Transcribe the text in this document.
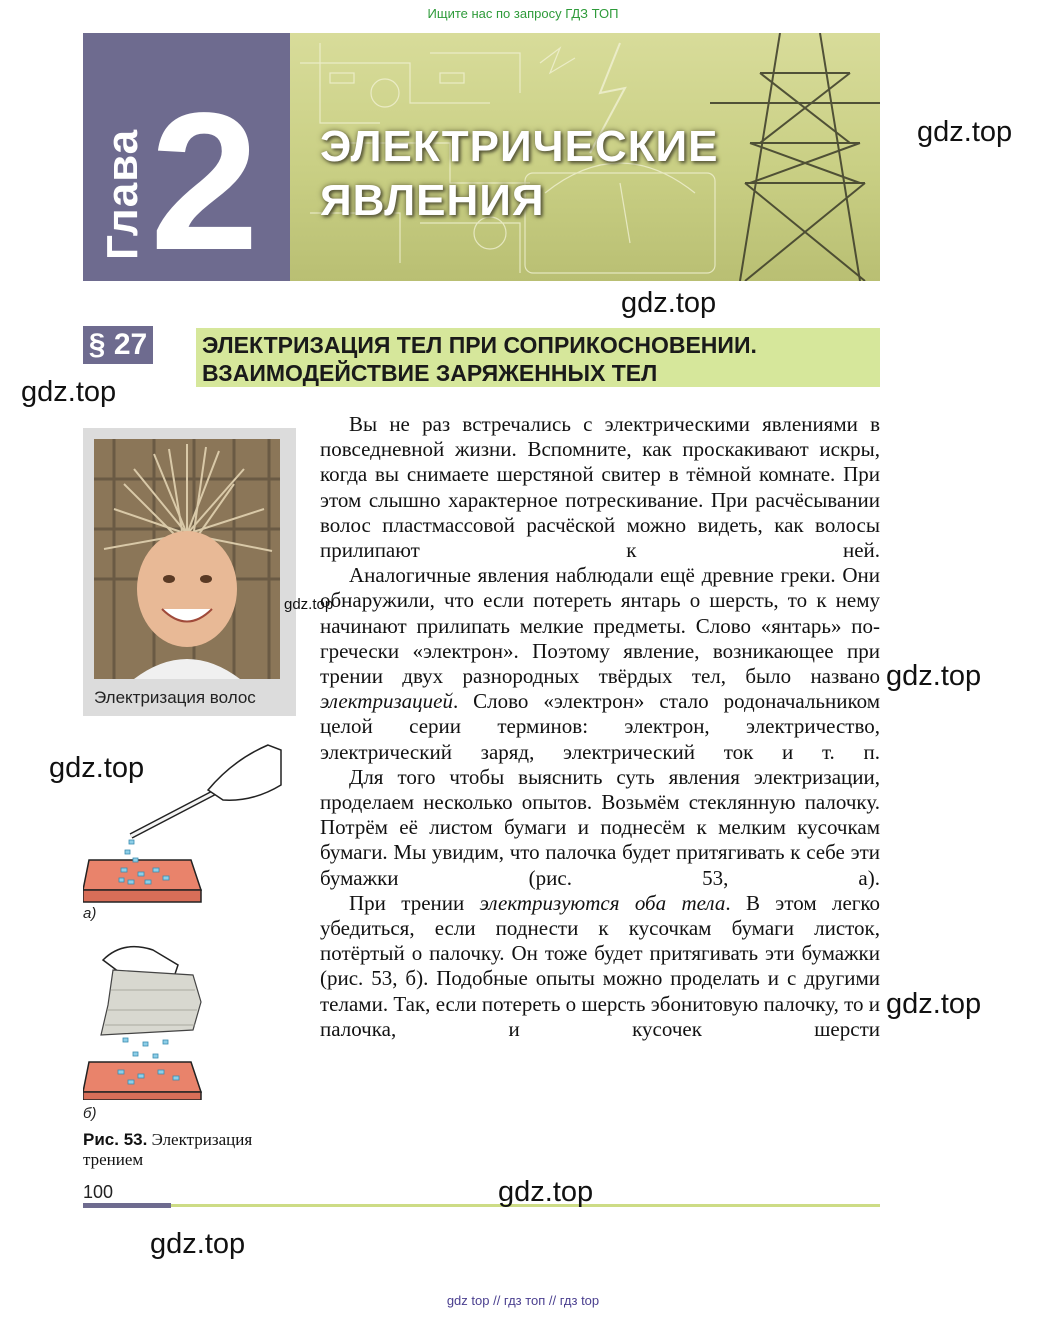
Ищите нас по запросу ГДЗ ТОП
Глава 2 ЭЛЕКТРИЧЕСКИЕ
ЯВЛЕНИЯ
gdz.top
gdz.top
§ 27 ЭЛЕКТРИЗАЦИЯ ТЕЛ ПРИ СОПРИКОСНОВЕНИИ.
ВЗАИМОДЕЙСТВИЕ ЗАРЯЖЕННЫХ ТЕЛ
gdz.top
Электризация волос
gdz.top
gdz.top
а)
б)
Рис. 53. Электризация трением

Вы не раз встречались с электрическими явлениями в повседневной жизни. Вспомните, как проскакивают искры, когда вы снимаете шерстяной свитер в тёмной комнате. При этом слышно характерное потрескивание. При расчёсывании волос пластмассовой расчёской можно видеть, как волосы прилипают к ней.

Аналогичные явления наблюдали ещё древние греки. Они обнаружили, что если потереть янтарь о шерсть, то к нему начинают прилипать мелкие предметы. Слово «янтарь» по-гречески «электрон». Поэтому явление, возникающее при трении двух разнородных твёрдых тел, было названо электризацией. Слово «электрон» стало родоначальником целой серии терминов: электрон, электричество, электрический заряд, электрический ток и т. п.

Для того чтобы выяснить суть явления электризации, проделаем несколько опытов. Возьмём стеклянную палочку. Потрём её листом бумаги и поднесём к мелким кусочкам бумаги. Мы увидим, что палочка будет притягивать к себе эти бумажки (рис. 53, а).

При трении электризуются оба тела. В этом легко убедиться, если поднести к кусочкам бумаги листок, потёртый о палочку. Он тоже будет притягивать эти бумажки (рис. 53, б). Подобные опыты можно проделать и с другими телами. Так, если потереть о шерсть эбонитовую палочку, то и палочка, и кусочек шерсти

gdz.top
gdz.top
100	gdz.top
gdz.top
gdz top // гдз топ // гдз top
